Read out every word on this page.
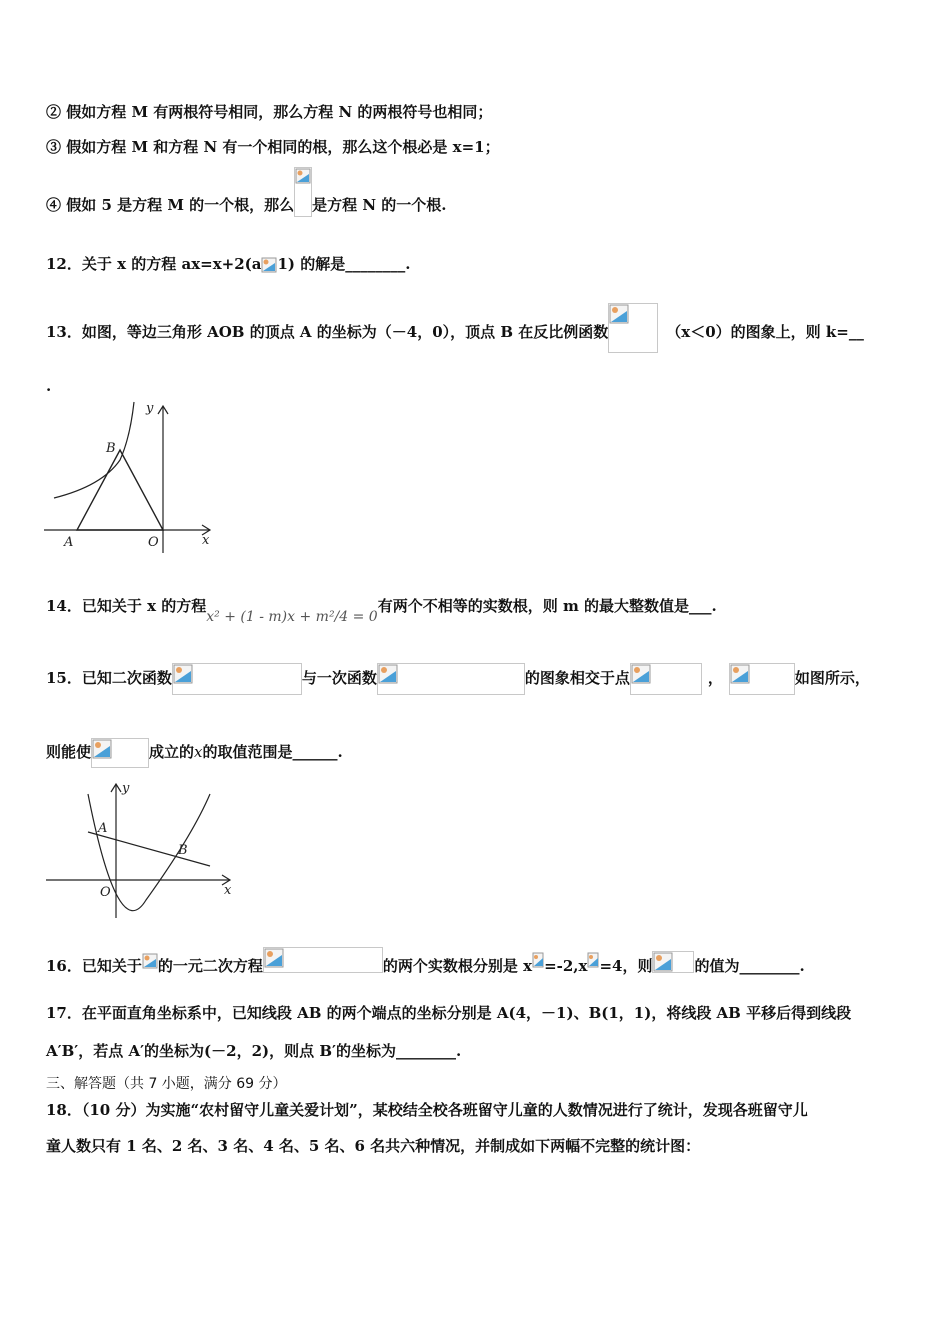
② 假如方程 M 有两根符号相同，那么方程 N 的两根符号也相同；
③ 假如方程 M 和方程 N 有一个相同的根，那么这个根必是 x=1；
④ 假如 5 是方程 M 的一个根，那么 是方程 N 的一个根.
12．关于 x 的方程 ax=x+2(a 1) 的解是________.
13．如图，等边三角形 AOB 的顶点 A 的坐标为（－4，0），顶点 B 在反比例函数	（x＜0）的图象上，则 k=__
.
y
x
A	O
B
14．已知关于 x 的方程x² + (1 - m)x + m²/4 = 0有两个不相等的实数根，则 m 的最大整数值是___.
15．已知二次函数	与一次函数	的图象相交于点	，	如图所示，
则能使	成立的x的取值范围是______.
y
x
A
B
O
16．已知关于 的一元二次方程	的两个实数根分别是 x =-2,x =4，则	的值为________.
17．在平面直角坐标系中，已知线段 AB 的两个端点的坐标分别是 A(4，－1)、B(1，1)，将线段 AB 平移后得到线段
A′B′，若点 A′的坐标为(－2，2)，则点 B′的坐标为________.
三、解答题（共 7 小题，满分 69 分）
18．（10 分）为实施“农村留守儿童关爱计划”，某校结全校各班留守儿童的人数情况进行了统计，发现各班留守儿
童人数只有 1 名、2 名、3 名、4 名、5 名、6 名共六种情况，并制成如下两幅不完整的统计图：
